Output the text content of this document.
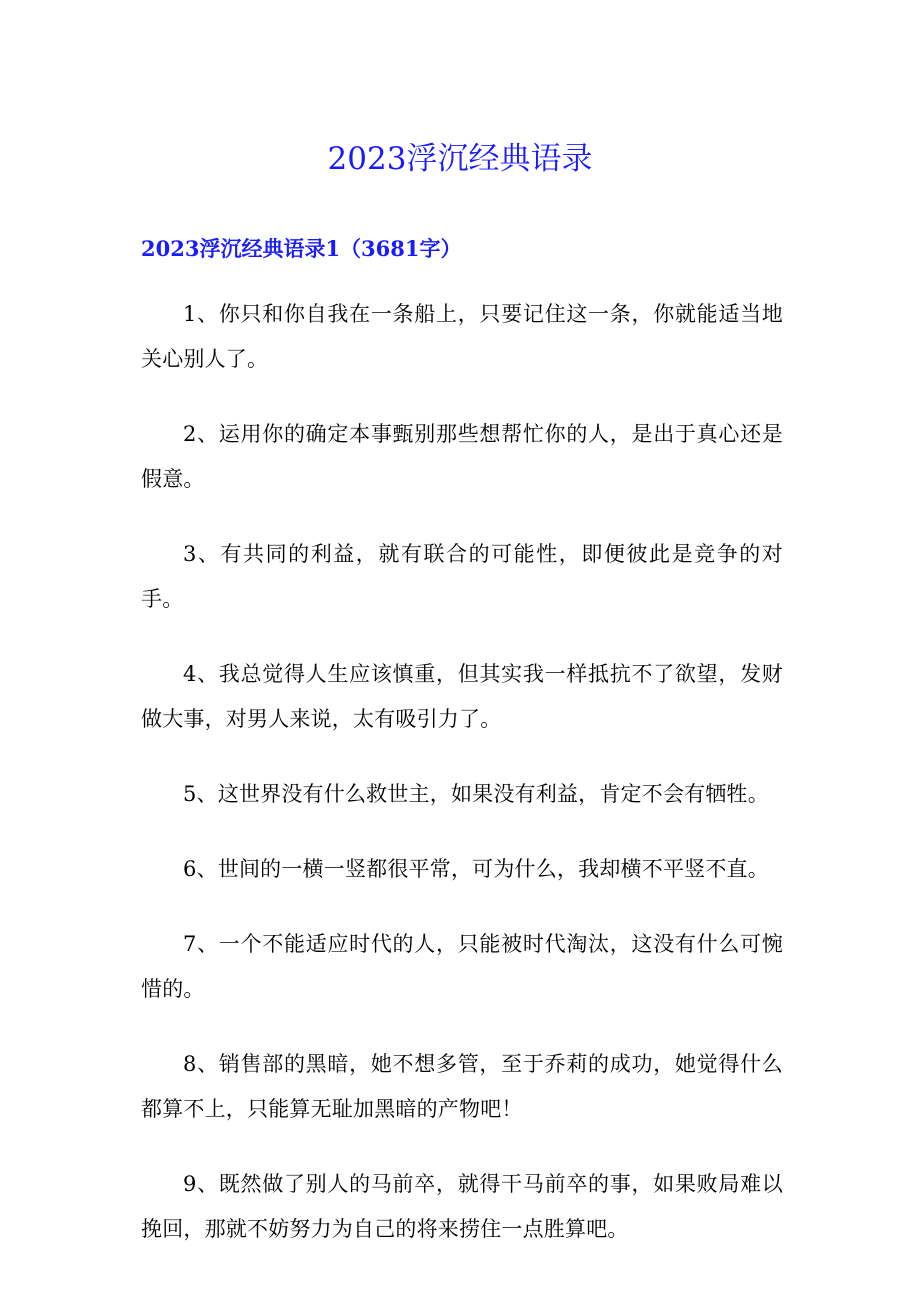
2023浮沉经典语录
2023浮沉经典语录1（3681字）
1、你只和你自我在一条船上，只要记住这一条，你就能适当地关心别人了。
2、运用你的确定本事甄别那些想帮忙你的人，是出于真心还是假意。
3、有共同的利益，就有联合的可能性，即便彼此是竞争的对手。
4、我总觉得人生应该慎重，但其实我一样抵抗不了欲望，发财做大事，对男人来说，太有吸引力了。
5、这世界没有什么救世主，如果没有利益，肯定不会有牺牲。
6、世间的一横一竖都很平常，可为什么，我却横不平竖不直。
7、一个不能适应时代的人，只能被时代淘汰，这没有什么可惋惜的。
8、销售部的黑暗，她不想多管，至于乔莉的成功，她觉得什么都算不上，只能算无耻加黑暗的产物吧！
9、既然做了别人的马前卒，就得干马前卒的事，如果败局难以挽回，那就不妨努力为自己的将来捞住一点胜算吧。
